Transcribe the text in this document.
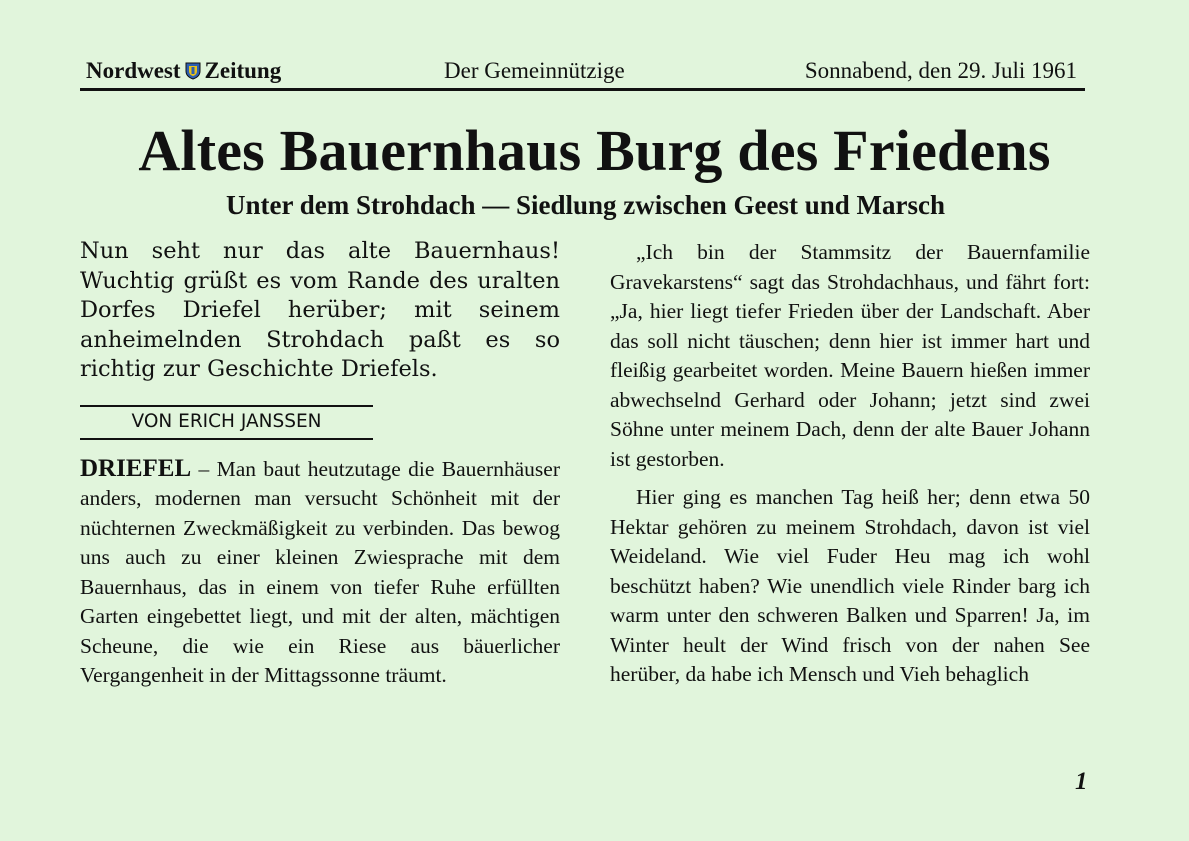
Nordwest Zeitung	Der Gemeinnützige	Sonnabend, den 29. Juli 1961
Altes Bauernhaus Burg des Friedens
Unter dem Strohdach — Siedlung zwischen Geest und Marsch

Nun seht nur das alte Bauernhaus! Wuchtig grüßt es vom Rande des uralten Dorfes Driefel herüber; mit seinem anheimelnden Strohdach paßt es so richtig zur Geschichte Driefels.

VON ERICH JANSSEN

DRIEFEL – Man baut heutzutage die Bauernhäuser anders, modernen man versucht Schönheit mit der nüchternen Zweckmäßigkeit zu verbinden. Das bewog uns auch zu einer kleinen Zwiesprache mit dem Bauernhaus, das in einem von tiefer Ruhe erfüllten Garten eingebettet liegt, und mit der alten, mächtigen Scheune, die wie ein Riese aus bäuerlicher Vergangenheit in der Mittagssonne träumt.

„Ich bin der Stammsitz der Bauernfamilie Gravekarstens“ sagt das Strohdachhaus, und fährt fort: „Ja, hier liegt tiefer Frieden über der Landschaft. Aber das soll nicht täuschen; denn hier ist immer hart und fleißig gearbeitet worden. Meine Bauern hießen immer abwechselnd Gerhard oder Johann; jetzt sind zwei Söhne unter meinem Dach, denn der alte Bauer Johann ist gestorben.

Hier ging es manchen Tag heiß her; denn etwa 50 Hektar gehören zu meinem Strohdach, davon ist viel Weideland. Wie viel Fuder Heu mag ich wohl beschützt haben? Wie unendlich viele Rinder barg ich warm unter den schweren Balken und Sparren! Ja, im Winter heult der Wind frisch von der nahen See herüber, da habe ich Mensch und Vieh behaglich

1
